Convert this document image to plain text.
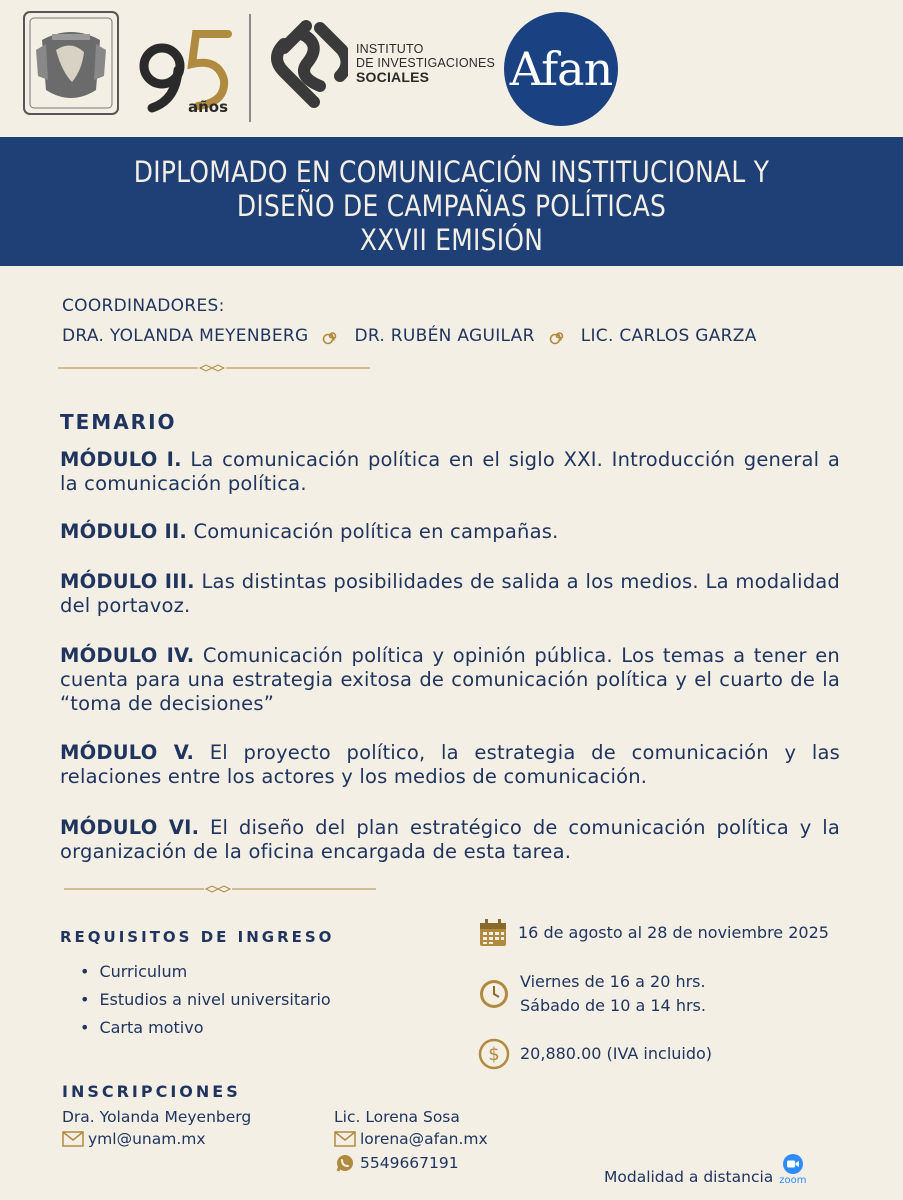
años
INSTITUTO
DE INVESTIGACIONES
SOCIALES	Afan
DIPLOMADO EN COMUNICACIÓN INSTITUCIONAL Y
DISEÑO DE CAMPAÑAS POLÍTICAS
XXVII EMISIÓN
COORDINADORES:
DRA. YOLANDA MEYENBERG	DR. RUBÉN AGUILAR	LIC. CARLOS GARZA
TEMARIO
MÓDULO I. La comunicación política en el siglo XXI. Introducción general a la comunicación política.
MÓDULO II. Comunicación política en campañas.
MÓDULO III. Las distintas posibilidades de salida a los medios. La modalidad del portavoz.
MÓDULO IV. Comunicación política y opinión pública. Los temas a tener en cuenta para una estrategia exitosa de comunicación política y el cuarto de la “toma de decisiones”
MÓDULO V. El proyecto político, la estrategia de comunicación y las relaciones entre los actores y los medios de comunicación.
MÓDULO VI. El diseño del plan estratégico de comunicación política y la organización de la oficina encargada de esta tarea.
REQUISITOS DE INGRESO
• Curriculum
• Estudios a nivel universitario
• Carta motivo
16 de agosto al 28 de noviembre 2025
Viernes de 16 a 20 hrs.
Sábado de 10 a 14 hrs.
$ 20,880.00 (IVA incluido)
INSCRIPCIONES
Dra. Yolanda Meyenberg
yml@unam.mx
Lic. Lorena Sosa
lorena@afan.mx
5549667191
Modalidad a distancia zoom
